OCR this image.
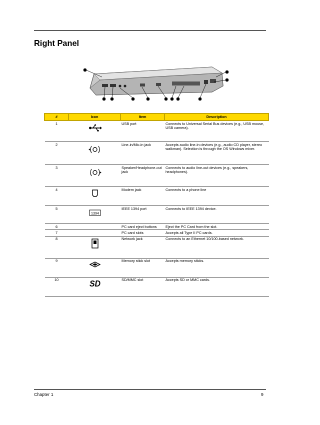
Right Panel
#	Icon	Item	Description
1		USB port	Connects to Universal Serial Bus devices (e.g., USB mouse, USB camera).
2		Line-in/Mic-in jack	Accepts audio line-in devices (e.g., audio CD player, stereo walkman). Selection is through the OS Windows mixer.
3		Speaker/Headphone-out jack	Connects to audio line-out devices (e.g., speakers, headphones).
4		Modem jack	Connects to a phone line
5	1394	IEEE 1394 port	Connects to IEEE 1394 device.
6		PC card eject buttons	Eject the PC Card from the slot.
7		PC card slots	Accepts all Type II PC cards.
8		Network jack	Connects to an Ethernet 10/100-based network.
9		Memory stick slot	Accepts memory sticks.
10	SD	SD/MMC slot	Accepts SD or MMC cards.
Chapter 1	9
